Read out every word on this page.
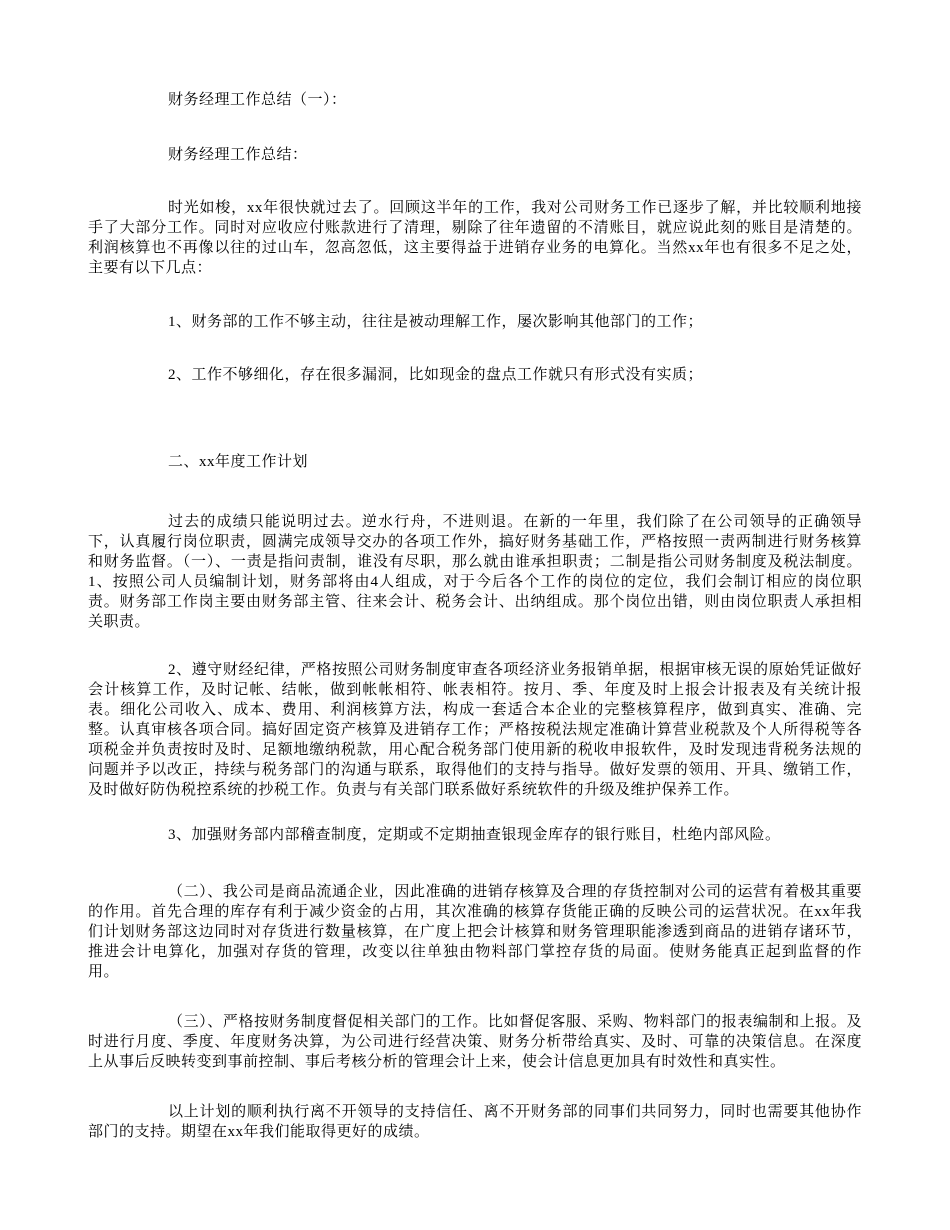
财务经理工作总结（一）：

财务经理工作总结：

时光如梭，xx年很快就过去了。回顾这半年的工作，我对公司财务工作已逐步了解，并比较顺利地接手了大部分工作。同时对应收应付账款进行了清理，剔除了往年遗留的不清账目，就应说此刻的账目是清楚的。利润核算也不再像以往的过山车，忽高忽低，这主要得益于进销存业务的电算化。当然xx年也有很多不足之处，主要有以下几点：

1、财务部的工作不够主动，往往是被动理解工作，屡次影响其他部门的工作；

2、工作不够细化，存在很多漏洞，比如现金的盘点工作就只有形式没有实质；

二、xx年度工作计划

过去的成绩只能说明过去。逆水行舟，不进则退。在新的一年里，我们除了在公司领导的正确领导下，认真履行岗位职责，圆满完成领导交办的各项工作外，搞好财务基础工作，严格按照一责两制进行财务核算和财务监督。（一）、一责是指问责制，谁没有尽职，那么就由谁承担职责；二制是指公司财务制度及税法制度。1、按照公司人员编制计划，财务部将由4人组成，对于今后各个工作的岗位的定位，我们会制订相应的岗位职责。财务部工作岗主要由财务部主管、往来会计、税务会计、出纳组成。那个岗位出错，则由岗位职责人承担相关职责。

2、遵守财经纪律，严格按照公司财务制度审查各项经济业务报销单据，根据审核无误的原始凭证做好会计核算工作，及时记帐、结帐，做到帐帐相符、帐表相符。按月、季、年度及时上报会计报表及有关统计报表。细化公司收入、成本、费用、利润核算方法，构成一套适合本企业的完整核算程序，做到真实、准确、完整。认真审核各项合同。搞好固定资产核算及进销存工作；严格按税法规定准确计算营业税款及个人所得税等各项税金并负责按时及时、足额地缴纳税款，用心配合税务部门使用新的税收申报软件，及时发现违背税务法规的问题并予以改正，持续与税务部门的沟通与联系，取得他们的支持与指导。做好发票的领用、开具、缴销工作，及时做好防伪税控系统的抄税工作。负责与有关部门联系做好系统软件的升级及维护保养工作。

3、加强财务部内部稽查制度，定期或不定期抽查银现金库存的银行账目，杜绝内部风险。

（二）、我公司是商品流通企业，因此准确的进销存核算及合理的存货控制对公司的运营有着极其重要的作用。首先合理的库存有利于减少资金的占用，其次准确的核算存货能正确的反映公司的运营状况。在xx年我们计划财务部这边同时对存货进行数量核算，在广度上把会计核算和财务管理职能渗透到商品的进销存诸环节，推进会计电算化，加强对存货的管理，改变以往单独由物料部门掌控存货的局面。使财务能真正起到监督的作用。

（三）、严格按财务制度督促相关部门的工作。比如督促客服、采购、物料部门的报表编制和上报。及时进行月度、季度、年度财务决算，为公司进行经营决策、财务分析带给真实、及时、可靠的决策信息。在深度上从事后反映转变到事前控制、事后考核分析的管理会计上来，使会计信息更加具有时效性和真实性。

以上计划的顺利执行离不开领导的支持信任、离不开财务部的同事们共同努力，同时也需要其他协作部门的支持。期望在xx年我们能取得更好的成绩。
